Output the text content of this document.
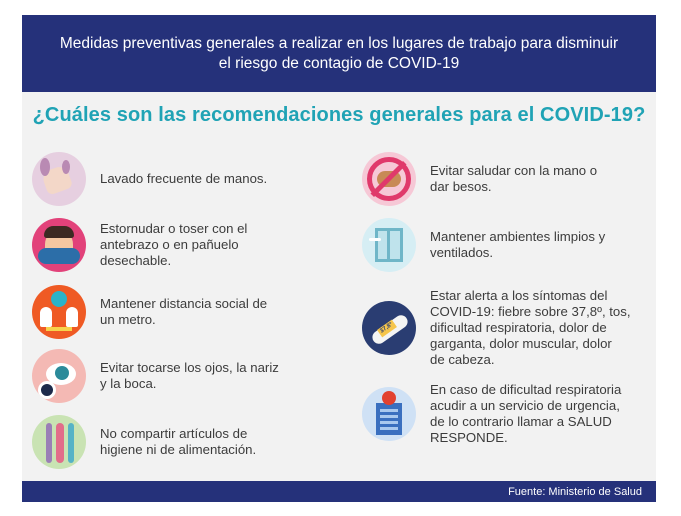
Medidas preventivas generales a realizar en los lugares de trabajo para disminuir
el riesgo de contagio de COVID-19
¿Cuáles son las recomendaciones generales para el COVID-19?
Lavado frecuente de manos.
Estornudar o toser con el
antebrazo o en pañuelo
desechable.
Mantener distancia social de
un metro.
Evitar tocarse los ojos, la nariz
y la boca.
No compartir artículos de
higiene ni de alimentación.
Evitar saludar con la mano o
dar besos.
Mantener ambientes limpios y
ventilados.
37,8°
Estar alerta a los síntomas del
COVID-19: fiebre sobre 37,8º, tos,
dificultad respiratoria, dolor de
garganta, dolor muscular, dolor
de cabeza.
En caso de dificultad respiratoria
acudir a un servicio de urgencia,
de lo contrario llamar a SALUD
RESPONDE.
Fuente: Ministerio de Salud
